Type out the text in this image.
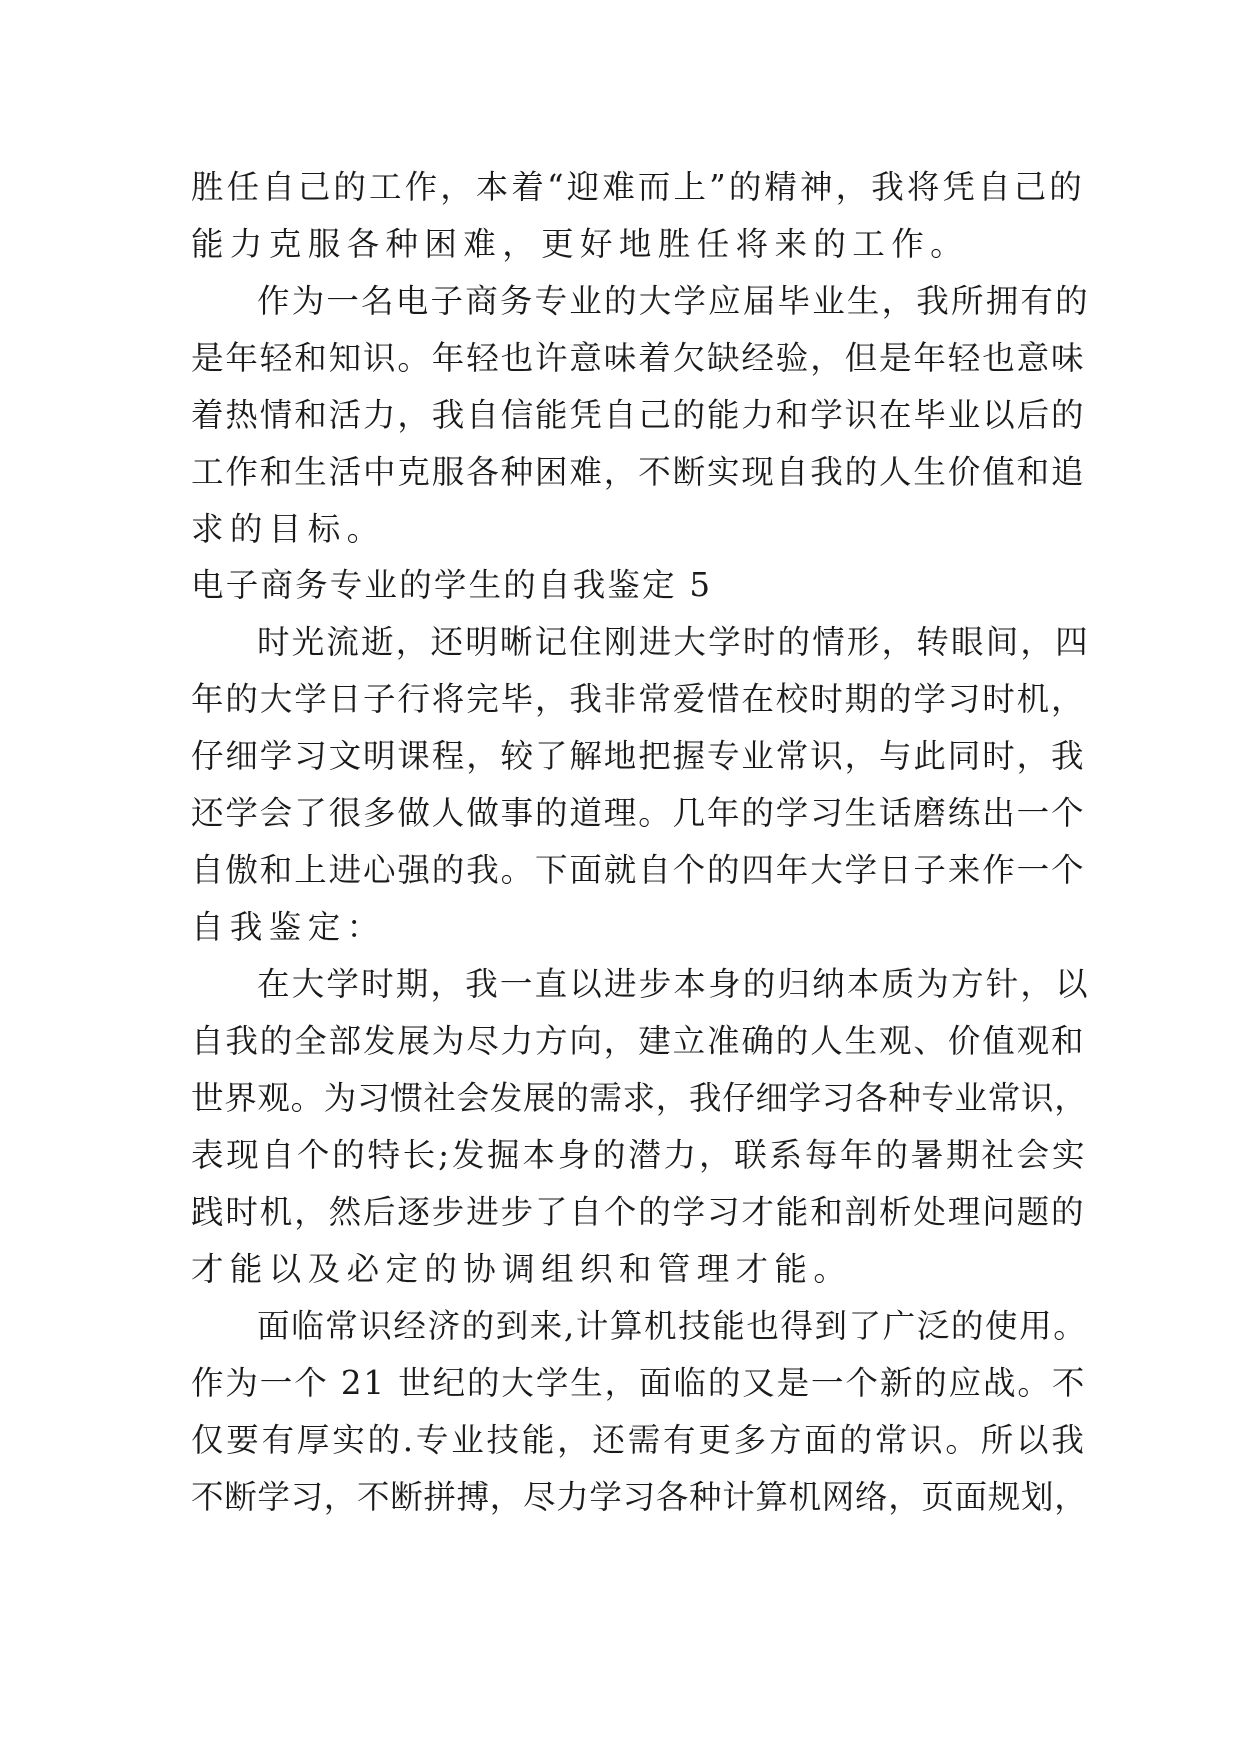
胜任自己的工作，本着“迎难而上”的精神，我将凭自己的
能力克服各种困难，更好地胜任将来的工作。
作为一名电子商务专业的大学应届毕业生，我所拥有的
是年轻和知识。年轻也许意味着欠缺经验，但是年轻也意味
着热情和活力，我自信能凭自己的能力和学识在毕业以后的
工作和生活中克服各种困难，不断实现自我的人生价值和追
求的目标。
电子商务专业的学生的自我鉴定 5
时光流逝，还明晰记住刚进大学时的情形，转眼间，四
年的大学日子行将完毕，我非常爱惜在校时期的学习时机，
仔细学习文明课程，较了解地把握专业常识，与此同时，我
还学会了很多做人做事的道理。几年的学习生话磨练出一个
自傲和上进心强的我。下面就自个的四年大学日子来作一个
自我鉴定：
在大学时期，我一直以进步本身的归纳本质为方针，以
自我的全部发展为尽力方向，建立准确的人生观、价值观和
世界观。为习惯社会发展的需求，我仔细学习各种专业常识，
表现自个的特长;发掘本身的潜力，联系每年的暑期社会实
践时机，然后逐步进步了自个的学习才能和剖析处理问题的
才能以及必定的协调组织和管理才能。
面临常识经济的到来,计算机技能也得到了广泛的使用。
作为一个 21 世纪的大学生，面临的又是一个新的应战。不
仅要有厚实的.专业技能，还需有更多方面的常识。所以我
不断学习，不断拼搏，尽力学习各种计算机网络，页面规划，
